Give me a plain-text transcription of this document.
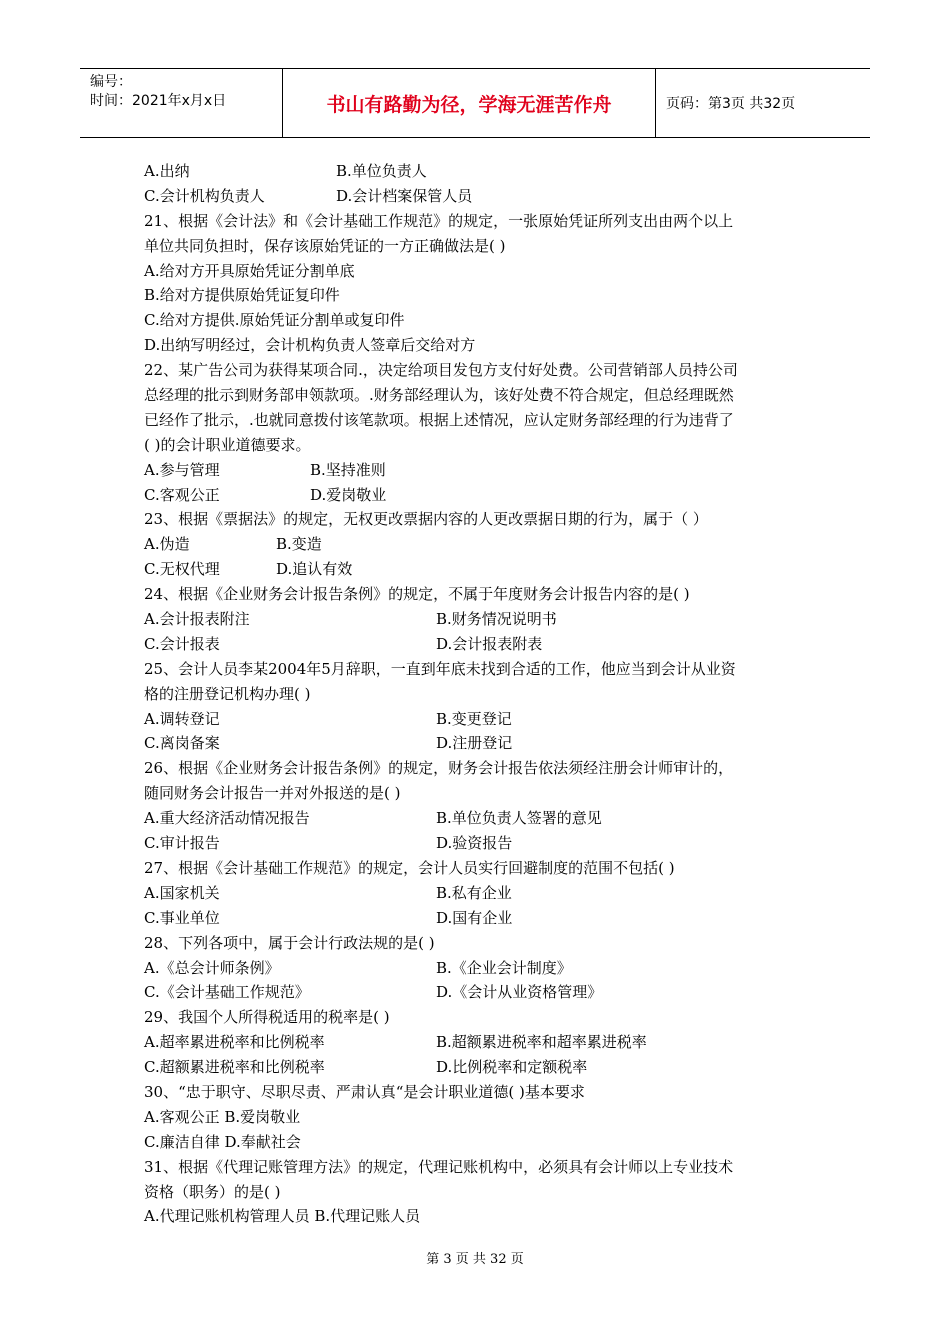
编号：
时间：2021年x月x日	书山有路勤为径，学海无涯苦作舟	页码：第3页 共32页
A.出纳	B.单位负责人
C.会计机构负责人	D.会计档案保管人员
21、根据《会计法》和《会计基础工作规范》的规定，一张原始凭证所列支出由两个以上
单位共同负担时，保存该原始凭证的一方正确做法是( )
A.给对方开具原始凭证分割单底
B.给对方提供原始凭证复印件
C.给对方提供.原始凭证分割单或复印件
D.出纳写明经过，会计机构负责人签章后交给对方
22、某广告公司为获得某项合同.，决定给项目发包方支付好处费。公司营销部人员持公司
总经理的批示到财务部申领款项。.财务部经理认为，该好处费不符合规定，但总经理既然
已经作了批示，.也就同意拨付该笔款项。根据上述情况，应认定财务部经理的行为违背了
( )的会计职业道德要求。
A.参与管理	B.坚持准则
C.客观公正	D.爱岗敬业
23、根据《票据法》的规定，无权更改票据内容的人更改票据日期的行为，属于（ ）
A.伪造	B.变造
C.无权代理	D.追认有效
24、根据《企业财务会计报告条例》的规定，不属于年度财务会计报告内容的是( )
A.会计报表附注	B.财务情况说明书
C.会计报表	D.会计报表附表
25、会计人员李某2004年5月辞职，一直到年底未找到合适的工作，他应当到会计从业资
格的注册登记机构办理( )
A.调转登记	B.变更登记
C.离岗备案	D.注册登记
26、根据《企业财务会计报告条例》的规定，财务会计报告依法须经注册会计师审计的，
随同财务会计报告一并对外报送的是( )
A.重大经济活动情况报告	B.单位负责人签署的意见
C.审计报告	D.验资报告
27、根据《会计基础工作规范》的规定，会计人员实行回避制度的范围不包括( )
A.国家机关	B.私有企业
C.事业单位	D.国有企业
28、下列各项中，属于会计行政法规的是( )
A.《总会计师条例》	B.《企业会计制度》
C.《会计基础工作规范》	D.《会计从业资格管理》
29、我国个人所得税适用的税率是( )
A.超率累进税率和比例税率	B.超额累进税率和超率累进税率
C.超额累进税率和比例税率	D.比例税率和定额税率
30、“忠于职守、尽职尽责、严肃认真“是会计职业道德( )基本要求
A.客观公正 B.爱岗敬业
C.廉洁自律 D.奉献社会
31、根据《代理记账管理方法》的规定，代理记账机构中，必须具有会计师以上专业技术
资格（职务）的是( )
A.代理记账机构管理人员 B.代理记账人员
第 3 页 共 32 页
